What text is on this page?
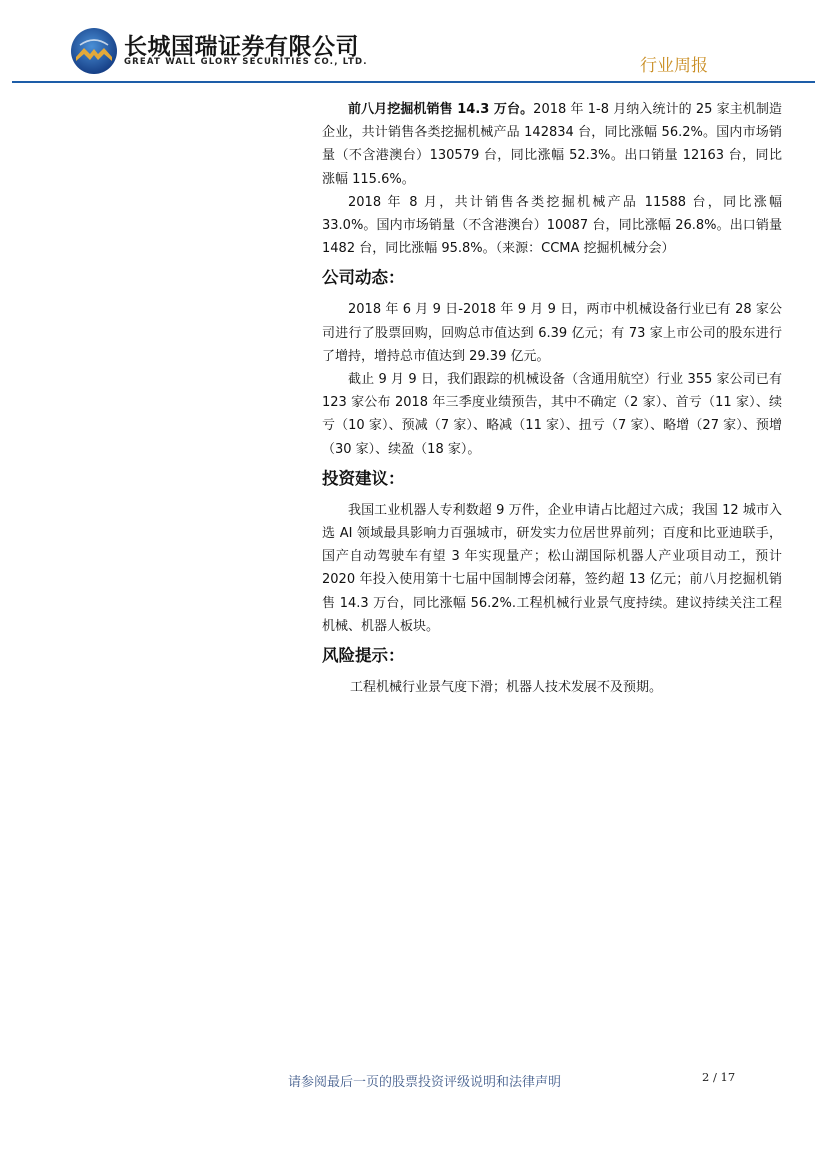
长城国瑞证券有限公司
GREAT WALL GLORY SECURITIES CO., LTD.	行业周报

前八月挖掘机销售 14.3 万台。2018 年 1-8 月纳入统计的 25 家主机制造企业，共计销售各类挖掘机械产品 142834 台，同比涨幅 56.2%。国内市场销量（不含港澳台）130579 台，同比涨幅 52.3%。出口销量 12163 台，同比涨幅 115.6%。

2018 年 8 月，共计销售各类挖掘机械产品 11588 台，同比涨幅 33.0%。国内市场销量（不含港澳台）10087 台，同比涨幅 26.8%。出口销量 1482 台，同比涨幅 95.8%。（来源：CCMA 挖掘机械分会）

公司动态：

2018 年 6 月 9 日-2018 年 9 月 9 日，两市中机械设备行业已有 28 家公司进行了股票回购，回购总市值达到 6.39 亿元；有 73 家上市公司的股东进行了增持，增持总市值达到 29.39 亿元。

截止 9 月 9 日，我们跟踪的机械设备（含通用航空）行业 355 家公司已有 123 家公布 2018 年三季度业绩预告，其中不确定（2 家）、首亏（11 家）、续亏（10 家）、预减（7 家）、略减（11 家）、扭亏（7 家）、略增（27 家）、预增（30 家）、续盈（18 家）。

投资建议：

我国工业机器人专利数超 9 万件，企业申请占比超过六成；我国 12 城市入选 AI 领域最具影响力百强城市，研发实力位居世界前列；百度和比亚迪联手，国产自动驾驶车有望 3 年实现量产；松山湖国际机器人产业项目动工，预计 2020 年投入使用第十七届中国制博会闭幕，签约超 13 亿元；前八月挖掘机销售 14.3 万台，同比涨幅 56.2%.工程机械行业景气度持续。建议持续关注工程机械、机器人板块。

风险提示：

工程机械行业景气度下滑；机器人技术发展不及预期。

请参阅最后一页的股票投资评级说明和法律声明	2 / 17
